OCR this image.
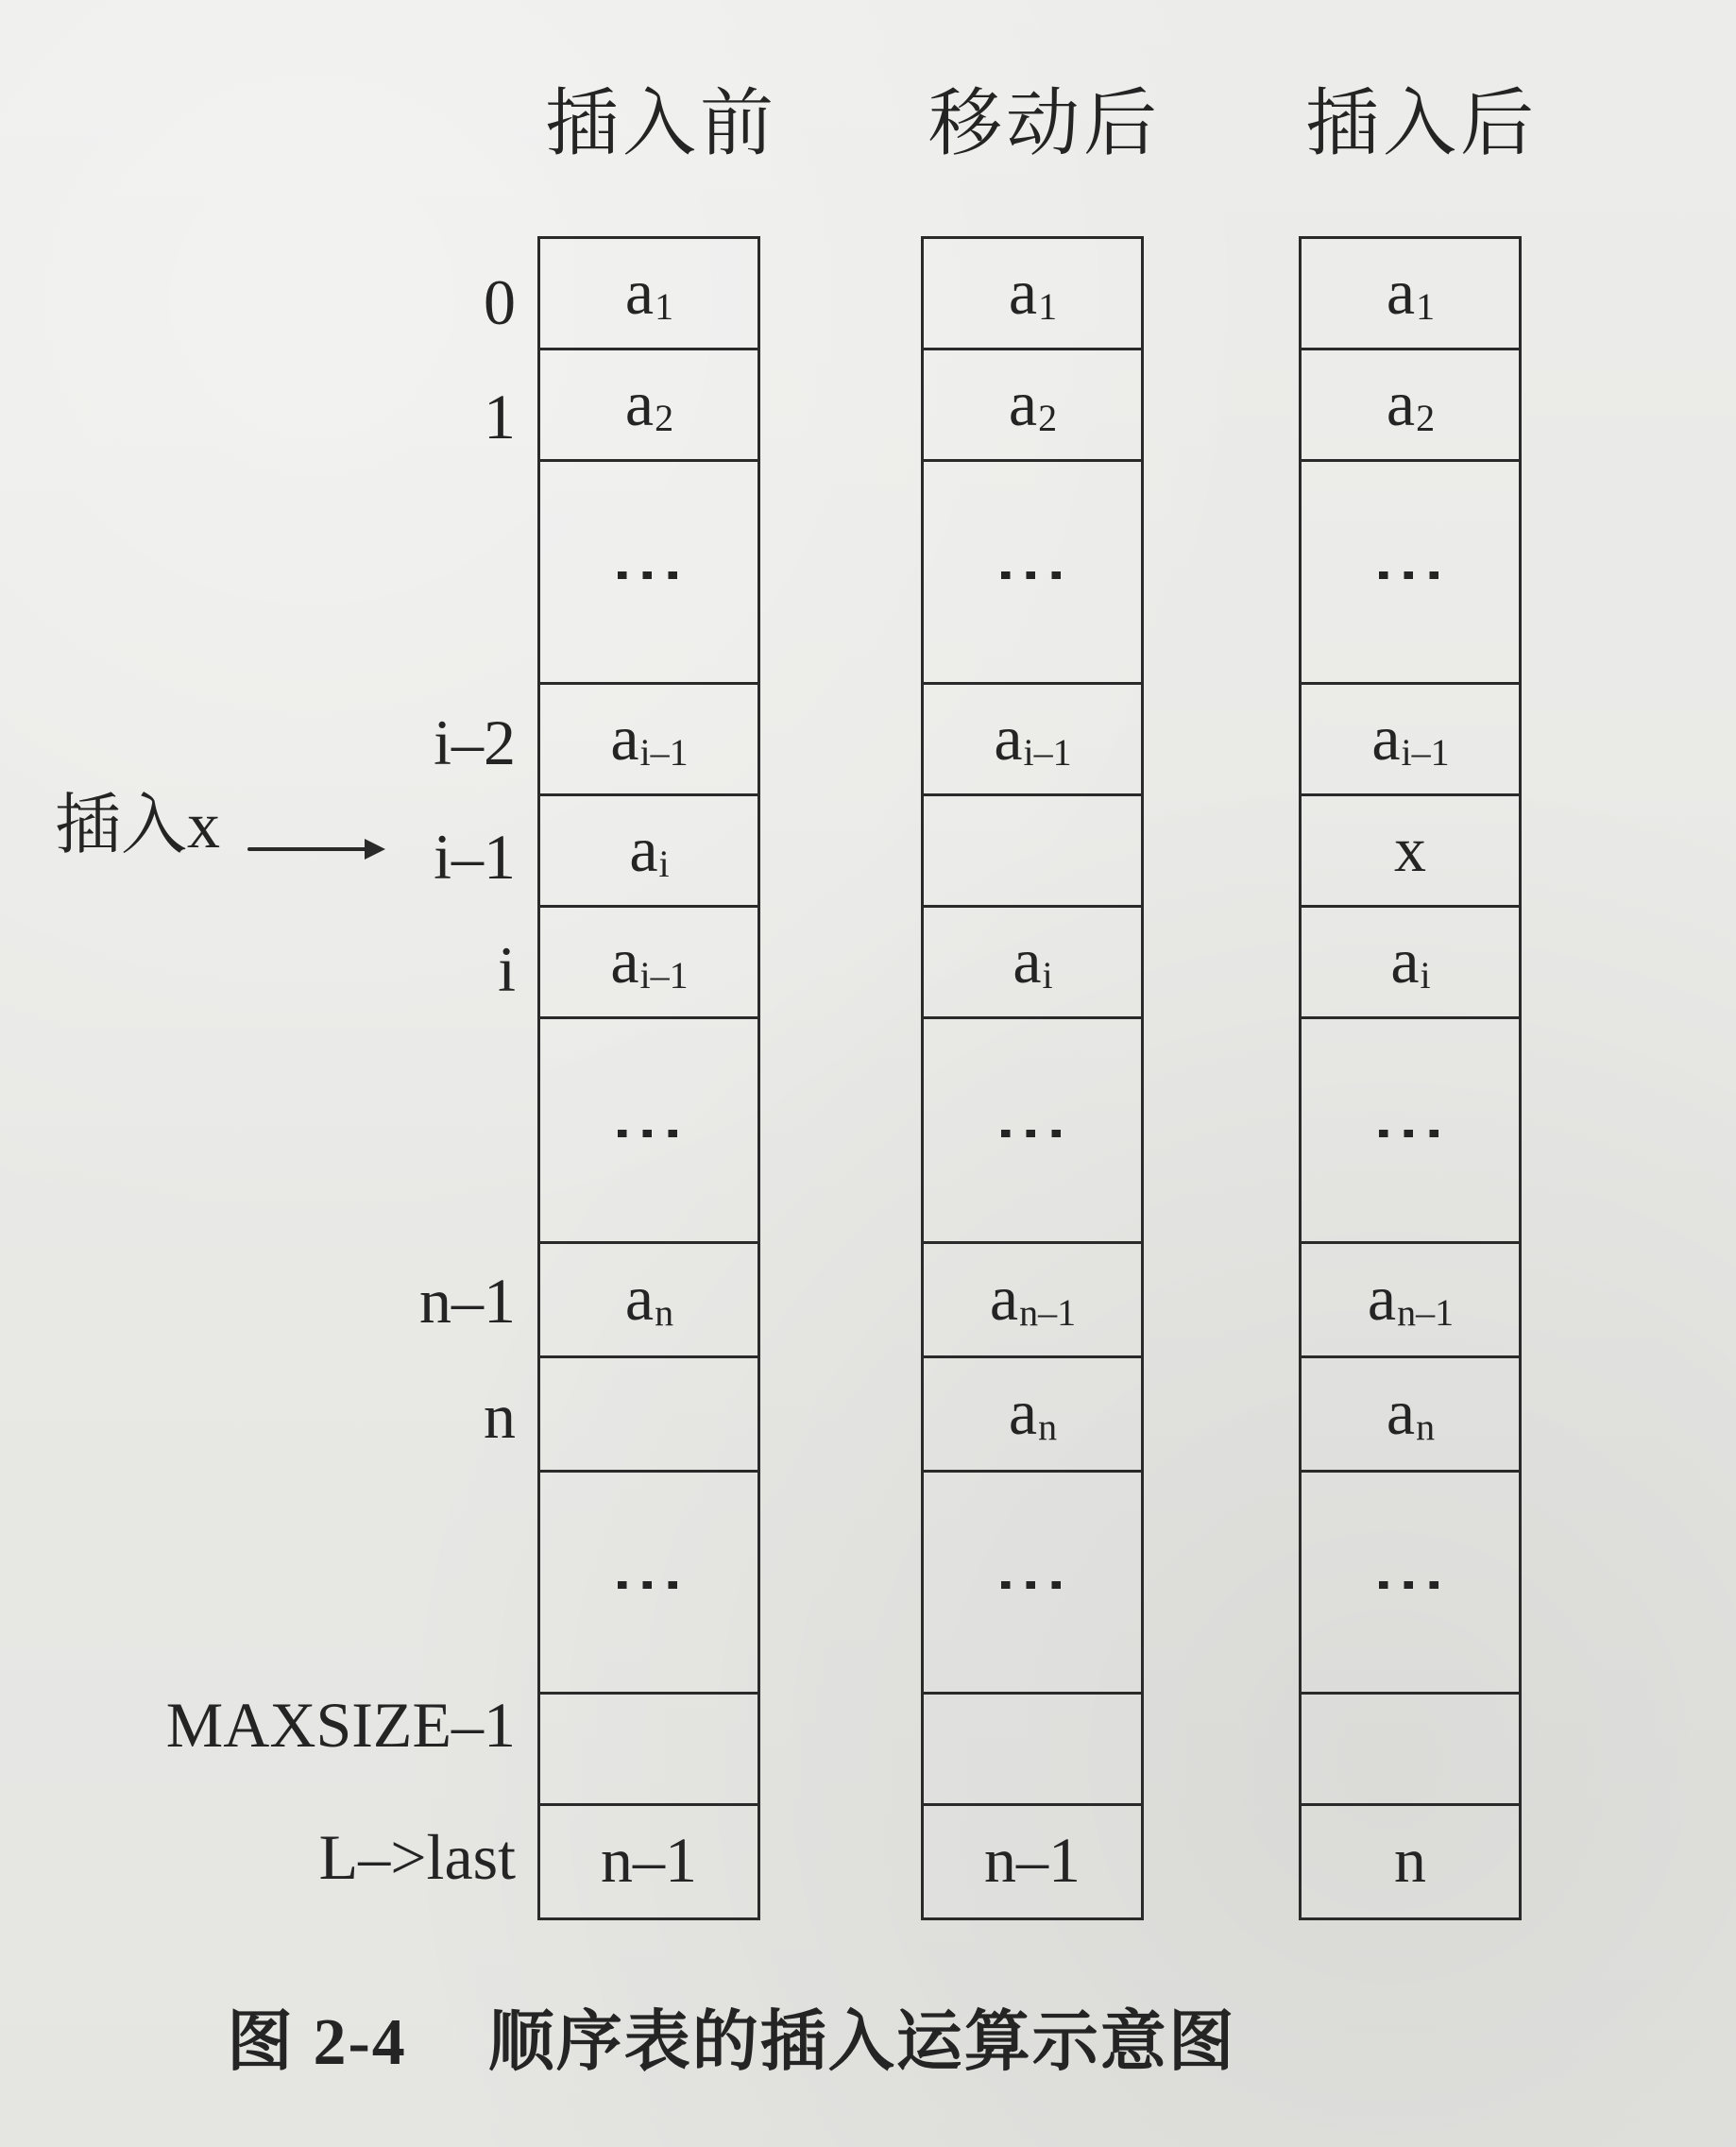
插入前 移动后 插入后
0
1
i–2
i–1
i
n–1
n
MAXSIZE–1
L–>last
插入x
a 1
a 2
⋮
a i–1
a i
a i–1
⋮
a n
⋮
n–1
a 1
a 2
⋮
a i–1
a i
⋮
a n–1
a n
⋮
n–1
a 1
a 2
⋮
a i–1
x
a i
⋮
a n–1
a n
⋮
n
图 2-4 顺序表的插入运算示意图
